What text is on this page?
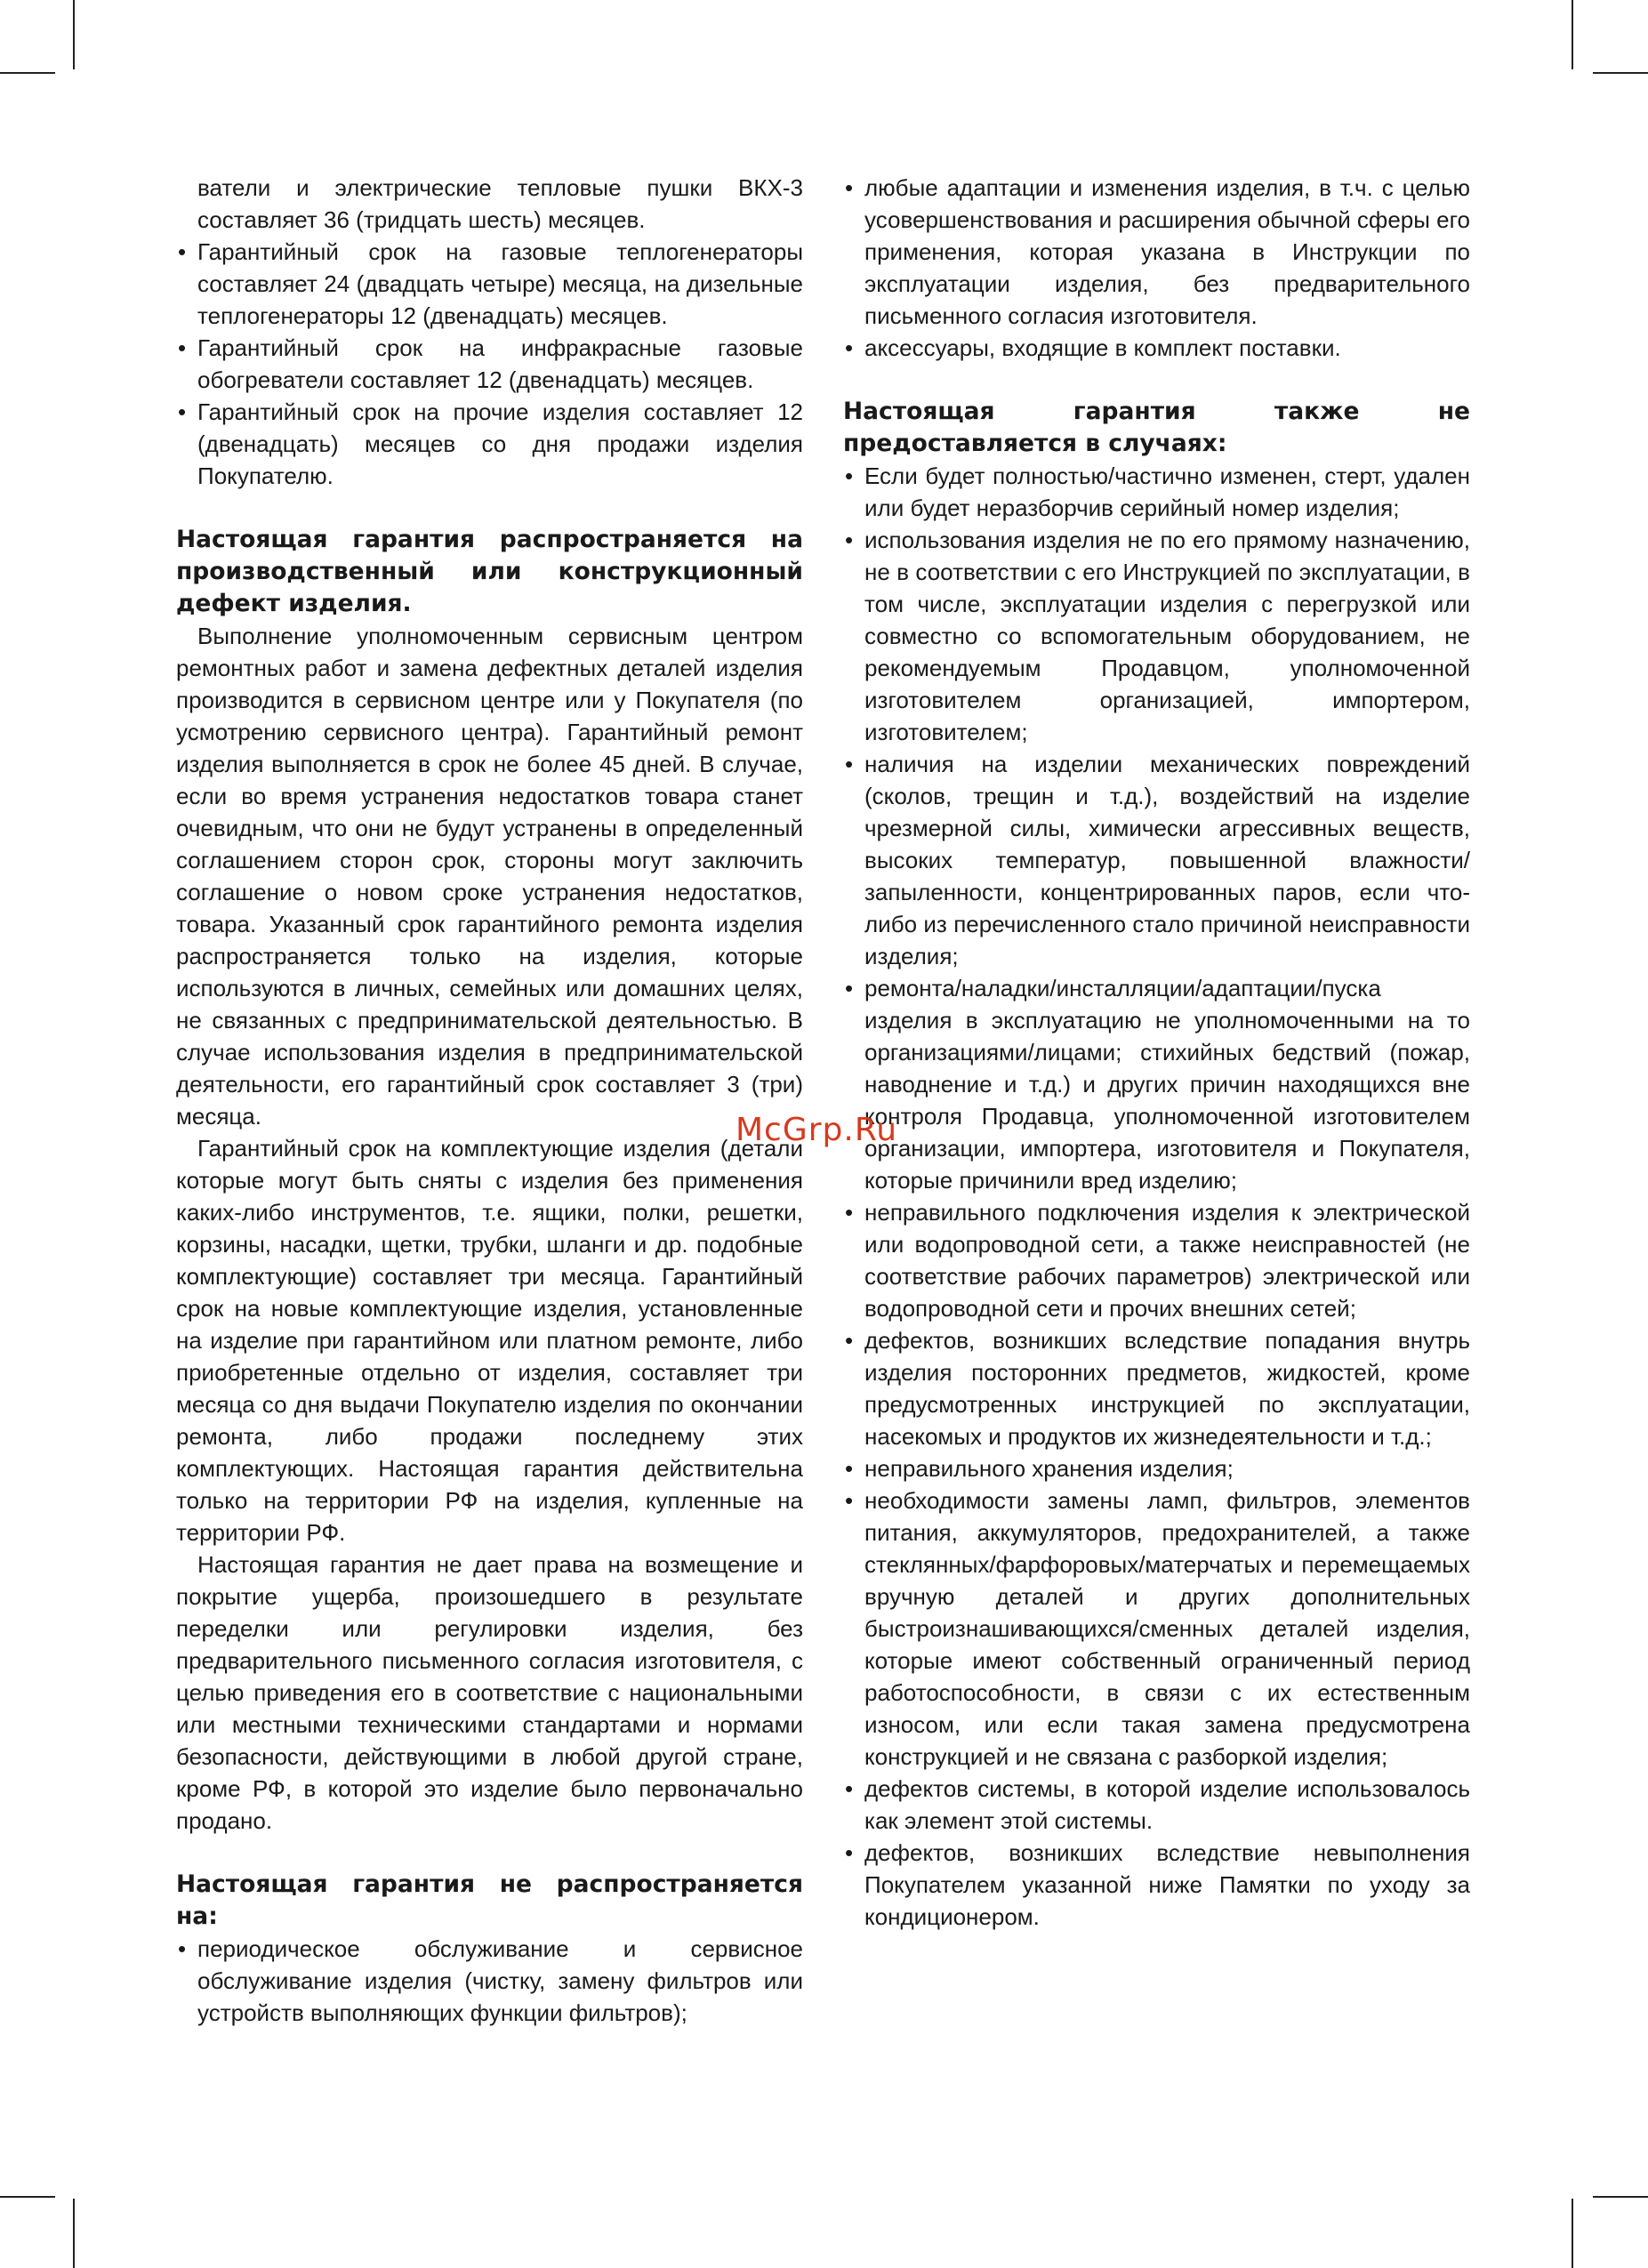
ватели и электрические тепловые пушки ВКХ-3 составляет 36 (тридцать шесть) месяцев.

• Гарантийный срок на газовые теплогенераторы составляет 24 (двадцать четыре) месяца, на дизельные теплогенераторы 12 (двенадцать) месяцев.
• Гарантийный срок на инфракрасные газовые обогреватели составляет 12 (двенадцать) месяцев.
• Гарантийный срок на прочие изделия составляет 12 (двенадцать) месяцев со дня продажи изделия Покупателю.
Настоящая гарантия распространяется на производственный или конструкционный дефект изделия.

Выполнение уполномоченным сервисным центром ремонтных работ и замена дефектных деталей изделия производится в сервисном центре или у Покупателя (по усмотрению сервисного центра). Гарантийный ремонт изделия выполняется в срок не более 45 дней. В случае, если во время устранения недостатков товара станет очевидным, что они не будут устранены в определенный соглашением сторон срок, стороны могут заключить соглашение о новом сроке устранения недостатков, товара. Указанный срок гарантийного ремонта изделия распространяется только на изделия, которые используются в личных, семейных или домашних целях, не связанных с предпринимательской деятельностью. В случае использования изделия в предпринимательской деятельности, его гарантийный срок составляет 3 (три) месяца.

Гарантийный срок на комплектующие изделия (детали которые могут быть сняты с изделия без применения каких-либо инструментов, т.е. ящики, полки, решетки, корзины, насадки, щетки, трубки, шланги и др. подобные комплектующие) составляет три месяца. Гарантийный срок на новые комплектующие изделия, установленные на изделие при гарантийном или платном ремонте, либо приобретенные отдельно от изделия, составляет три месяца со дня выдачи Покупателю изделия по окончании ремонта, либо продажи последнему этих комплектующих. Настоящая гарантия действительна только на территории РФ на изделия, купленные на территории РФ.

Настоящая гарантия не дает права на возмещение и покрытие ущерба, произошедшего в результате переделки или регулировки изделия, без предварительного письменного согласия изготовителя, с целью приведения его в соответствие с национальными или местными техническими стандартами и нормами безопасности, действующими в любой другой стране, кроме РФ, в которой это изделие было первоначально продано.

Настоящая гарантия не распространяется на:
• периодическое обслуживание и сервисное обслуживание изделия (чистку, замену фильтров или устройств выполняющих функции фильтров);
• любые адаптации и изменения изделия, в т.ч. с целью усовершенствования и расширения обычной сферы его применения, которая указана в Инструкции по эксплуатации изделия, без предварительного письменного согласия изготовителя.
• аксессуары, входящие в комплект поставки.
Настоящая гарантия также не предоставляется в случаях:
• Если будет полностью/частично изменен, стерт, удален или будет неразборчив серийный номер изделия;
• использования изделия не по его прямому назначению, не в соответствии с его Инструкцией по эксплуатации, в том числе, эксплуатации изделия с перегрузкой или совместно со вспомогательным оборудованием, не рекомендуемым Продавцом, уполномоченной изготовителем организацией, импортером, изготовителем;
• наличия на изделии механических повреждений (сколов, трещин и т.д.), воздействий на изделие чрезмерной силы, химически агрессивных веществ, высоких температур, повышенной влажности/запыленности, концентрированных паров, если что-либо из перечисленного стало причиной неисправности изделия;
• ремонта/наладки/инсталляции/адаптации/пуска изделия в эксплуатацию не уполномоченными на то организациями/лицами; стихийных бедствий (пожар, наводнение и т.д.) и других причин находящихся вне контроля Продавца, уполномоченной изготовителем организации, импортера, изготовителя и Покупателя, которые причинили вред изделию;
• неправильного подключения изделия к электрической или водопроводной сети, а также неисправностей (не соответствие рабочих параметров) электрической или водопроводной сети и прочих внешних сетей;
• дефектов, возникших вследствие попадания внутрь изделия посторонних предметов, жидкостей, кроме предусмотренных инструкцией по эксплуатации, насекомых и продуктов их жизнедеятельности и т.д.;
• неправильного хранения изделия;
• необходимости замены ламп, фильтров, элементов питания, аккумуляторов, предохранителей, а также стеклянных/фарфоровых/матерчатых и перемещаемых вручную деталей и других дополнительных быстроизнашивающихся/сменных деталей изделия, которые имеют собственный ограниченный период работоспособности, в связи с их естественным износом, или если такая замена предусмотрена конструкцией и не связана с разборкой изделия;
• дефектов системы, в которой изделие использовалось как элемент этой системы.
• дефектов, возникших вследствие невыполнения Покупателем указанной ниже Памятки по уходу за кондиционером.
McGrp.Ru
